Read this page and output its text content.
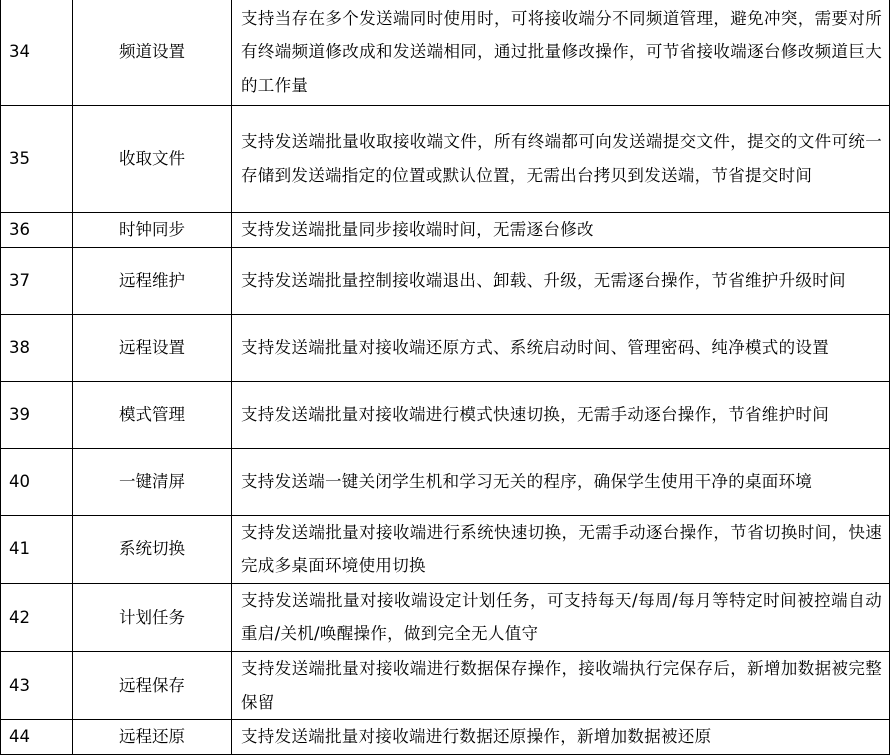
34	频道设置	支持当存在多个发送端同时使用时，可将接收端分不同频道管理，避免冲突，需要对所有终端频道修改成和发送端相同，通过批量修改操作，可节省接收端逐台修改频道巨大的工作量
35	收取文件	支持发送端批量收取接收端文件，所有终端都可向发送端提交文件，提交的文件可统一存储到发送端指定的位置或默认位置，无需出台拷贝到发送端，节省提交时间
36	时钟同步	支持发送端批量同步接收端时间，无需逐台修改
37	远程维护	支持发送端批量控制接收端退出、卸载、升级，无需逐台操作，节省维护升级时间
38	远程设置	支持发送端批量对接收端还原方式、系统启动时间、管理密码、纯净模式的设置
39	模式管理	支持发送端批量对接收端进行模式快速切换，无需手动逐台操作，节省维护时间
40	一键清屏	支持发送端一键关闭学生机和学习无关的程序，确保学生使用干净的桌面环境
41	系统切换	支持发送端批量对接收端进行系统快速切换，无需手动逐台操作，节省切换时间，快速完成多桌面环境使用切换
42	计划任务	支持发送端批量对接收端设定计划任务，可支持每天/每周/每月等特定时间被控端自动重启/关机/唤醒操作，做到完全无人值守
43	远程保存	支持发送端批量对接收端进行数据保存操作，接收端执行完保存后，新增加数据被完整保留
44	远程还原	支持发送端批量对接收端进行数据还原操作，新增加数据被还原
